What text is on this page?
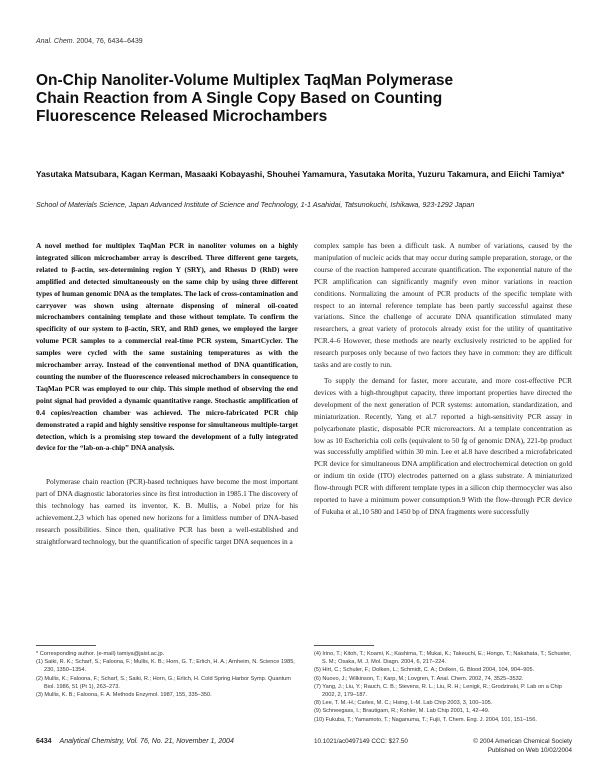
Anal. Chem. 2004, 76, 6434–6439
On-Chip Nanoliter-Volume Multiplex TaqMan Polymerase Chain Reaction from A Single Copy Based on Counting Fluorescence Released Microchambers
Yasutaka Matsubara, Kagan Kerman, Masaaki Kobayashi, Shouhei Yamamura, Yasutaka Morita, Yuzuru Takamura, and Eiichi Tamiya*
School of Materials Science, Japan Advanced Institute of Science and Technology, 1-1 Asahidai, Tatsunokuchi, Ishikawa, 923-1292 Japan

A novel method for multiplex TaqMan PCR in nanoliter volumes on a highly integrated silicon microchamber array is described. Three different gene targets, related to β-actin, sex-determining region Y (SRY), and Rhesus D (RhD) were amplified and detected simultaneously on the same chip by using three different types of human genomic DNA as the templates. The lack of cross-contamination and carryover was shown using alternate dispensing of mineral oil-coated microchambers containing template and those without template. To confirm the specificity of our system to β-actin, SRY, and RhD genes, we employed the larger volume PCR samples to a commercial real-time PCR system, SmartCycler. The samples were cycled with the same sustaining temperatures as with the microchamber array. Instead of the conventional method of DNA quantification, counting the number of the fluorescence released microchambers in consequence to TaqMan PCR was employed to our chip. This simple method of observing the end point signal had provided a dynamic quantitative range. Stochastic amplification of 0.4 copies/reaction chamber was achieved. The micro-fabricated PCR chip demonstrated a rapid and highly sensitive response for simultaneous multiple-target detection, which is a promising step toward the development of a fully integrated device for the “lab-on-a-chip” DNA analysis.

Polymerase chain reaction (PCR)-based techniques have become the most important part of DNA diagnostic laboratories since its first introduction in 1985.1 The discovery of this technology has earned its inventor, K. B. Mullis, a Nobel prize for his achievement.2,3 which has opened new horizons for a limitless number of DNA-based research possibilities. Since then, qualitative PCR has been a well-established and straightforward technology, but the quantification of specific target DNA sequences in a

complex sample has been a difficult task. A number of variations, caused by the manipulation of nucleic acids that may occur during sample preparation, storage, or the course of the reaction hampered accurate quantification. The exponential nature of the PCR amplification can significantly magnify even minor variations in reaction conditions. Normalizing the amount of PCR products of the specific template with respect to an internal reference template has been partly successful against these variations. Since the challenge of accurate DNA quantification stimulated many researchers, a great variety of protocols already exist for the utility of quantitative PCR.4–6 However, these methods are nearly exclusively restricted to be applied for research purposes only because of two factors they have in common: they are difficult tasks and are costly to run.

To supply the demand for faster, more accurate, and more cost-effective PCR devices with a high-throughput capacity, three important properties have directed the development of the next generation of PCR systems: automation, standardization, and miniaturization. Recently, Yang et al.7 reported a high-sensitivity PCR assay in polycarbonate plastic, disposable PCR microreactors. At a template concentration as low as 10 Escherichia coli cells (equivalent to 50 fg of genomic DNA), 221-bp product was successfully amplified within 30 min. Lee et al.8 have described a microfabricated PCR device for simultaneous DNA amplification and electrochemical detection on gold or indium tin oxide (ITO) electrodes patterned on a glass substrate. A miniaturized flow-through PCR with different template types in a silicon chip thermocycler was also reported to have a minimum power consumption.9 With the flow-through PCR device of Fukuha et al.,10 580 and 1450 bp of DNA fragments were successfully

* Corresponding author. (e-mail) tamiya@jaist.ac.jp.
(1) Saiki, R. K.; Scharf, S.; Faloona, F.; Mullis, K. B.; Horn, G. T.; Erlich, H. A.; Arnheim, N. Science 1985, 230, 1350–1354.
(2) Mullis, K.; Faloona, F.; Scharf, S.; Saiki, R.; Horn, G.; Erlich, H. Cold Spring Harbor Symp. Quantum Biol. 1986, 51 (Pt 1), 263–273.
(3) Mullis, K. B.; Faloona, F. A. Methods Enzymol. 1987, 155, 335–350.
(4) Irino, T.; Kitoh, T.; Koami, K.; Kashima, T.; Mukai, K.; Takeuchi, E.; Hongo, T.; Nakahata, T.; Schuster, S. M.; Osaka, M. J. Mol. Diagn. 2004, 6, 217–224.
(5) Hirt, C.; Schuler, F.; Dolken, L.; Schmidt, C. A.; Dolken, G. Blood 2004, 104, 904–905.
(6) Nuovo, J.; Wilkinson, T.; Karp, M.; Lovgren, T. Anal. Chem. 2002, 74, 3525–3532.
(7) Yang, J.; Liu, Y.; Rauch, C. B.; Stevens, R. L.; Liu, R. H.; Lenigk, R.; Grodzinski, P. Lab on a Chip 2002, 2, 179–187.
(8) Lee, T. M.-H.; Carles, M. C.; Hsing, I.-M. Lab Chip 2003, 3, 100–105.
(9) Schneegass, I.; Brautigam, R.; Kohler, M. Lab Chip 2001, 1, 42–49.
(10) Fukuba, T.; Yamamoto, T.; Naganuma, T.; Fujii, T. Chem. Eng. J. 2004, 101, 151–156.
6434 Analytical Chemistry, Vol. 76, No. 21, November 1, 2004	10.1021/ac0497149 CCC: $27.50	© 2004 American Chemical Society
Published on Web 10/02/2004
